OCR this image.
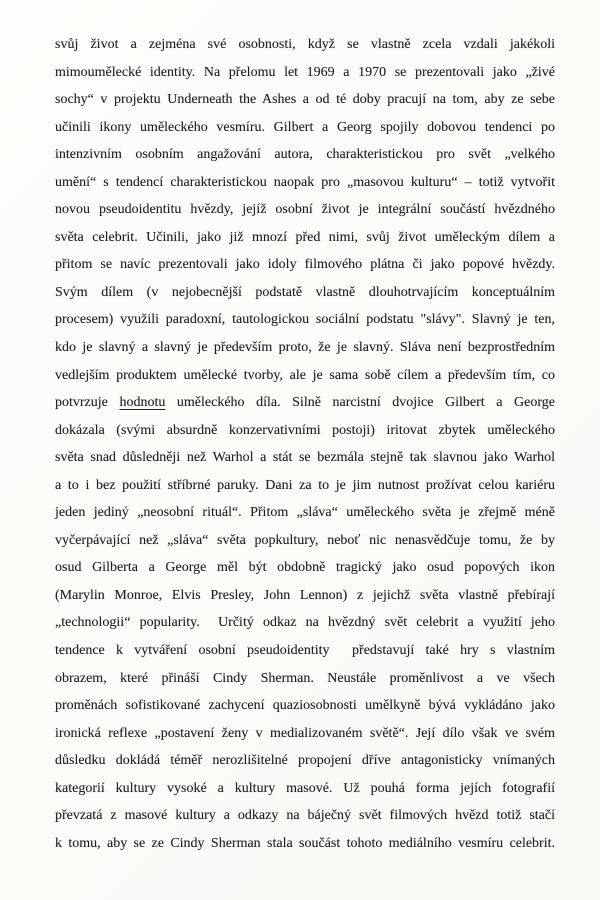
svůj život a zejména své osobnosti, když se vlastně zcela vzdali jakékoli
mimoumělecké identity. Na přelomu let 1969 a 1970 se prezentovali jako „živé
sochy“ v projektu Underneath the Ashes a od té doby pracují na tom, aby ze sebe
učinili ikony uměleckého vesmíru. Gilbert a Georg spojily dobovou tendenci po
intenzivním osobním angažování autora, charakteristickou pro svět „velkého
umění“ s tendencí charakteristickou naopak pro „masovou kulturu“ – totiž vytvořit
novou pseudoidentitu hvězdy, jejíž osobní život je integrální součástí hvězdného
světa celebrit. Učinili, jako již mnozí před nimi, svůj život uměleckým dílem a
přitom se navíc prezentovali jako idoly filmového plátna či jako popové hvězdy.
Svým dílem (v nejobecnější podstatě vlastně dlouhotrvajícím konceptuálním
procesem) využili paradoxní, tautologickou sociální podstatu "slávy". Slavný je ten,
kdo je slavný a slavný je především proto, že je slavný. Sláva není bezprostředním
vedlejším produktem umělecké tvorby, ale je sama sobě cílem a především tím, co
potvrzuje hodnotu uměleckého díla. Silně narcistní dvojice Gilbert a George
dokázala (svými absurdně konzervativními postoji) iritovat zbytek uměleckého
světa snad důsledněji než Warhol a stát se bezmála stejně tak slavnou jako Warhol
a to i bez použití stříbrné paruky. Dani za to je jim nutnost prožívat celou kariéru
jeden jediný „neosobní rituál“. Přitom „sláva“ uměleckého světa je zřejmě méně
vyčerpávající než „sláva“ světa popkultury, neboť nic nenasvědčuje tomu, že by
osud Gilberta a George měl být obdobně tragický jako osud popových ikon
(Marylin Monroe, Elvis Presley, John Lennon) z jejichž světa vlastně přebírají
„technologii“ popularity.  Určitý odkaz na hvězdný svět celebrit a využití jeho
tendence k vytváření osobní pseudoidentity  představují také hry s vlastním
obrazem, které přináší Cindy Sherman. Neustále proměnlivost a ve všech
proměnách sofistikované zachycení quaziosobnosti umělkyně bývá vykládáno jako
ironická reflexe „postavení ženy v medializovaném světě“. Její dílo však ve svém
důsledku dokládá téměř nerozlišitelné propojení dříve antagonisticky vnímaných
kategorií kultury vysoké a kultury masové. Už pouhá forma jejích fotografií
převzatá z masové kultury a odkazy na báječný svět filmových hvězd totiž stačí
k tomu, aby se ze Cindy Sherman stala součást tohoto mediálního vesmíru celebrit.
